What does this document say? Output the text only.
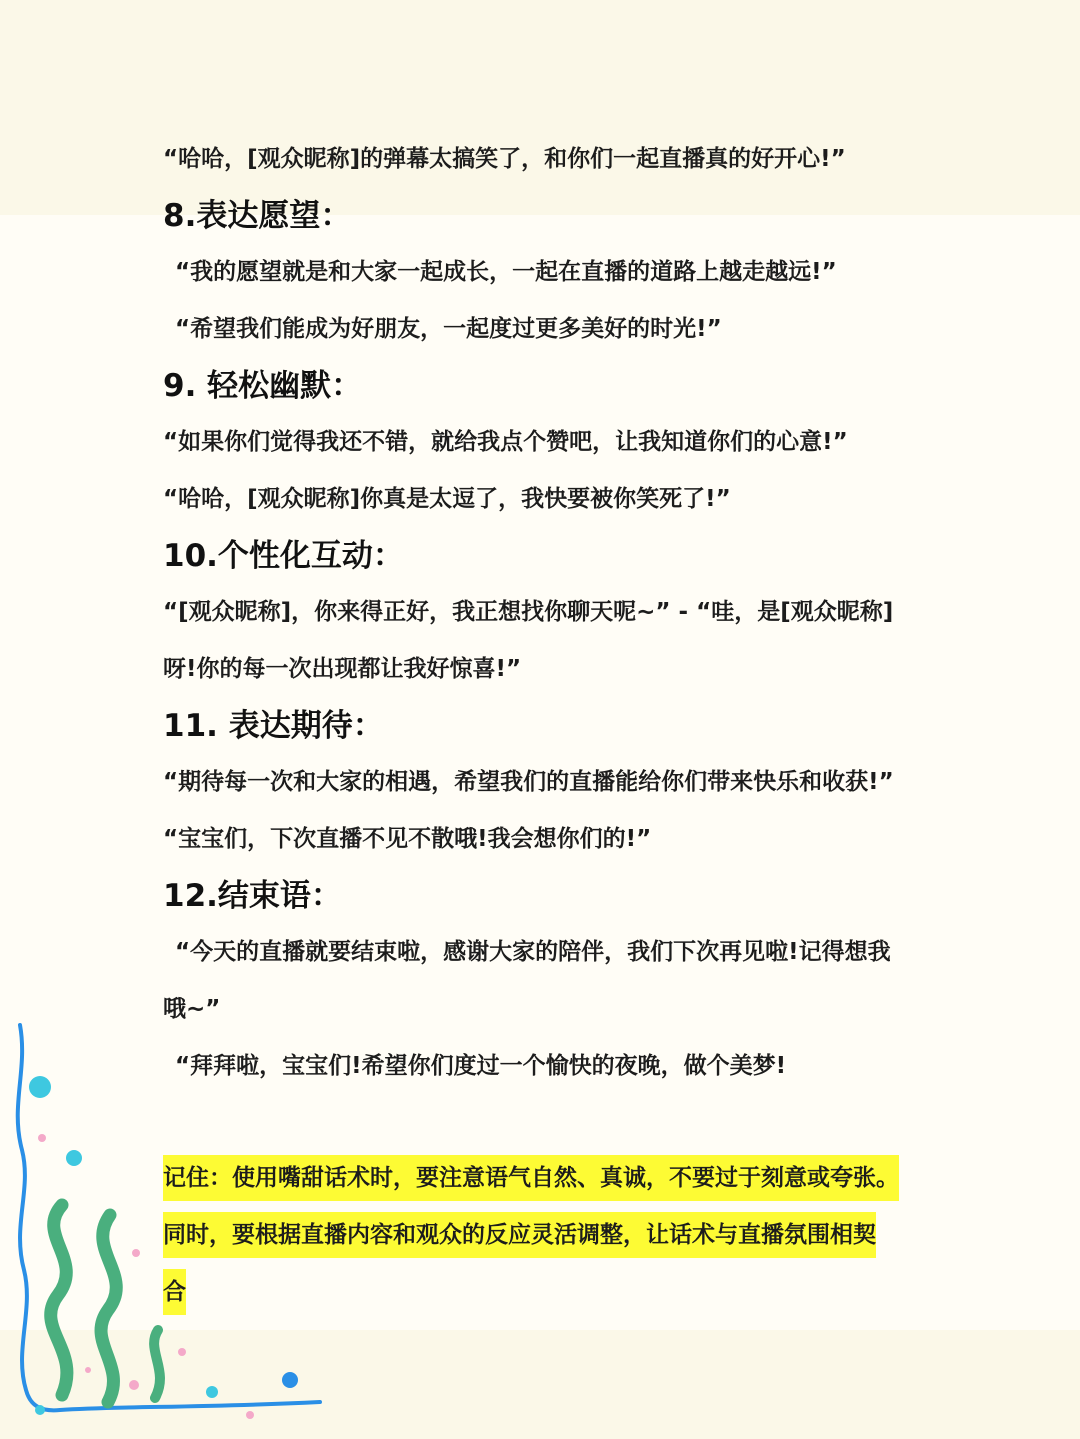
“哈哈，[观众昵称]的弹幕太搞笑了，和你们一起直播真的好开心!”

8.表达愿望：

“我的愿望就是和大家一起成长，一起在直播的道路上越走越远!”

“希望我们能成为好朋友，一起度过更多美好的时光!”

9. 轻松幽默：

“如果你们觉得我还不错，就给我点个赞吧，让我知道你们的心意!”

“哈哈，[观众昵称]你真是太逗了，我快要被你笑死了!”

10.个性化互动：

“[观众昵称]，你来得正好，我正想找你聊天呢~” - “哇，是[观众昵称]

呀!你的每一次出现都让我好惊喜!”

11. 表达期待：

“期待每一次和大家的相遇，希望我们的直播能给你们带来快乐和收获!”

“宝宝们，下次直播不见不散哦!我会想你们的!”

12.结束语：

“今天的直播就要结束啦，感谢大家的陪伴，我们下次再见啦!记得想我

哦~”

“拜拜啦，宝宝们!希望你们度过一个愉快的夜晚，做个美梦!

记住：使用嘴甜话术时，要注意语气自然、真诚，不要过于刻意或夸张。

同时，要根据直播内容和观众的反应灵活调整，让话术与直播氛围相契

合
